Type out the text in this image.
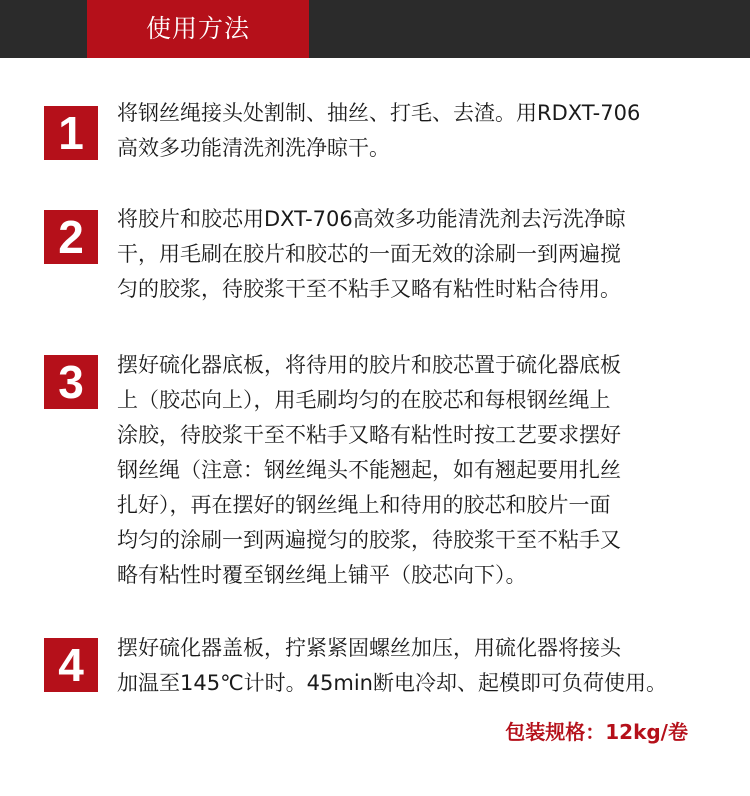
使用方法
1	将钢丝绳接头处割制、抽丝、打毛、去渣。用RDXT-706
高效多功能清洗剂洗净晾干。

2	将胶片和胶芯用DXT-706高效多功能清洗剂去污洗净晾
干，用毛刷在胶片和胶芯的一面无效的涂刷一到两遍搅
匀的胶浆，待胶浆干至不粘手又略有粘性时粘合待用。

3	摆好硫化器底板，将待用的胶片和胶芯置于硫化器底板
上（胶芯向上），用毛刷均匀的在胶芯和每根钢丝绳上
涂胶，待胶浆干至不粘手又略有粘性时按工艺要求摆好
钢丝绳（注意：钢丝绳头不能翘起，如有翘起要用扎丝
扎好），再在摆好的钢丝绳上和待用的胶芯和胶片一面
均匀的涂刷一到两遍搅匀的胶浆，待胶浆干至不粘手又
略有粘性时覆至钢丝绳上铺平（胶芯向下）。

4	摆好硫化器盖板，拧紧紧固螺丝加压，用硫化器将接头
加温至145℃计时。45min断电冷却、起模即可负荷使用。

包装规格：12kg/卷
